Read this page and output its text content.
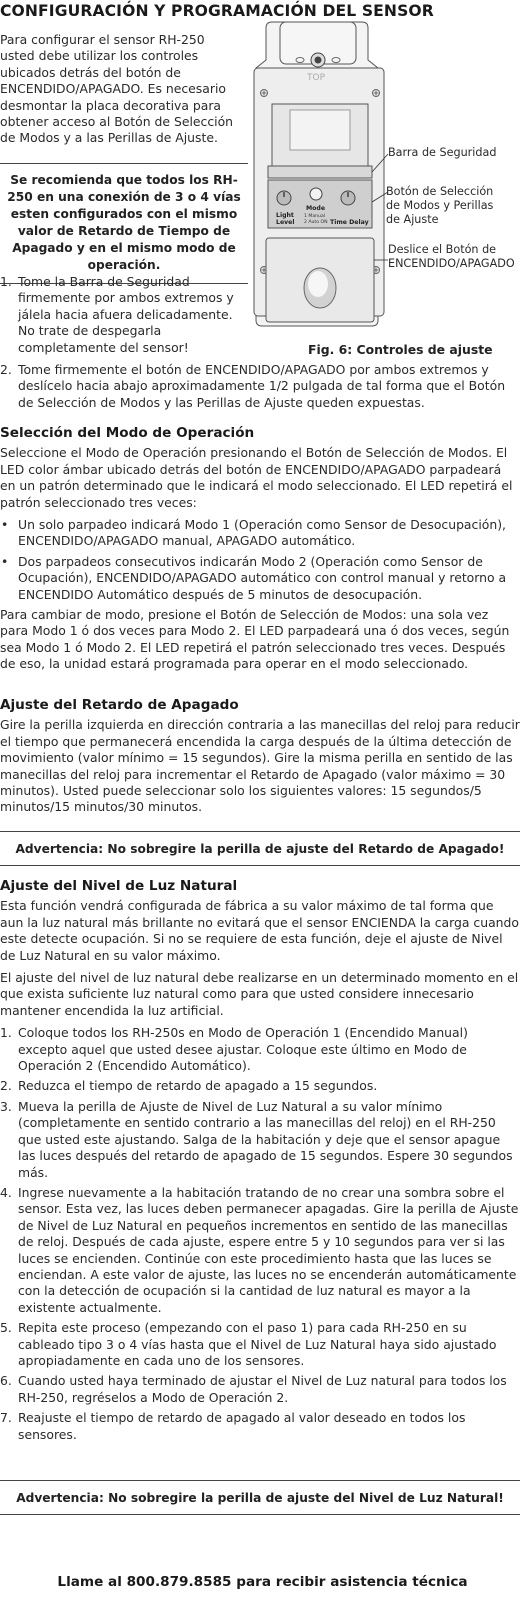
CONFIGURACIÓN Y PROGRAMACIÓN DEL SENSOR
Para configurar el sensor RH-250 usted debe utilizar los controles ubicados detrás del botón de ENCENDIDO/APAGADO. Es necesario desmontar la placa decorativa para obtener acceso al Botón de Selección de Modos y a las Perillas de Ajuste.
Se recomienda que todos los RH-250 en una conexión de 3 o 4 vías esten configurados con el mismo valor de Retardo de Tiempo de Apagado y en el mismo modo de operación.
1. Tome la Barra de Seguridad firmemente por ambos extremos y jálela hacia afuera delicadamente. No trate de despegarla completamente del sensor!
2. Tome firmemente el botón de ENCENDIDO/APAGADO por ambos extremos y deslícelo hacia abajo aproximadamente 1/2 pulgada de tal forma que el Botón de Selección de Modos y las Perillas de Ajuste queden expuestas.
TOP
Light
Level
Mode
1 Manual
2 Auto ON Time Delay
Barra de Seguridad
Botón de Selección
de Modos y Perillas
de Ajuste
Deslice el Botón de
ENCENDIDO/APAGADO
Fig. 6: Controles de ajuste
Selección del Modo de Operación

Seleccione el Modo de Operación presionando el Botón de Selección de Modos. El LED color ámbar ubicado detrás del botón de ENCENDIDO/APAGADO parpadeará en un patrón determinado que le indicará el modo seleccionado. El LED repetirá el patrón seleccionado tres veces:

• Un solo parpadeo indicará Modo 1 (Operación como Sensor de Desocupación), ENCENDIDO/APAGADO manual, APAGADO automático.
• Dos parpadeos consecutivos indicarán Modo 2 (Operación como Sensor de Ocupación), ENCENDIDO/APAGADO automático con control manual y retorno a ENCENDIDO Automático después de 5 minutos de desocupación.

Para cambiar de modo, presione el Botón de Selección de Modos: una sola vez para Modo 1 ó dos veces para Modo 2. El LED parpadeará una ó dos veces, según sea Modo 1 ó Modo 2. El LED repetirá el patrón seleccionado tres veces. Después de eso, la unidad estará programada para operar en el modo seleccionado.

Ajuste del Retardo de Apagado

Gire la perilla izquierda en dirección contraria a las manecillas del reloj para reducir el tiempo que permanecerá encendida la carga después de la última detección de movimiento (valor mínimo = 15 segundos). Gire la misma perilla en sentido de las manecillas del reloj para incrementar el Retardo de Apagado (valor máximo = 30 minutos). Usted puede seleccionar solo los siguientes valores: 15 segundos/5 minutos/15 minutos/30 minutos.

Advertencia: No sobregire la perilla de ajuste del Retardo de Apagado!
Ajuste del Nivel de Luz Natural

Esta función vendrá configurada de fábrica a su valor máximo de tal forma que aun la luz natural más brillante no evitará que el sensor ENCIENDA la carga cuando este detecte ocupación. Si no se requiere de esta función, deje el ajuste de Nivel de Luz Natural en su valor máximo.

El ajuste del nivel de luz natural debe realizarse en un determinado momento en el que exista suficiente luz natural como para que usted considere innecesario mantener encendida la luz artificial.

1. Coloque todos los RH-250s en Modo de Operación 1 (Encendido Manual) excepto aquel que usted desee ajustar. Coloque este último en Modo de Operación 2 (Encendido Automático).
2. Reduzca el tiempo de retardo de apagado a 15 segundos.
3. Mueva la perilla de Ajuste de Nivel de Luz Natural a su valor mínimo (completamente en sentido contrario a las manecillas del reloj) en el RH-250 que usted este ajustando. Salga de la habitación y deje que el sensor apague las luces después del retardo de apagado de 15 segundos. Espere 30 segundos más.
4. Ingrese nuevamente a la habitación tratando de no crear una sombra sobre el sensor. Esta vez, las luces deben permanecer apagadas. Gire la perilla de Ajuste de Nivel de Luz Natural en pequeños incrementos en sentido de las manecillas de reloj. Después de cada ajuste, espere entre 5 y 10 segundos para ver si las luces se encienden. Continúe con este procedimiento hasta que las luces se enciendan. A este valor de ajuste, las luces no se encenderán automáticamente con la detección de ocupación si la cantidad de luz natural es mayor a la existente actualmente.
5. Repita este proceso (empezando con el paso 1) para cada RH-250 en su cableado tipo 3 o 4 vías hasta que el Nivel de Luz Natural haya sido ajustado apropiadamente en cada uno de los sensores.
6. Cuando usted haya terminado de ajustar el Nivel de Luz natural para todos los RH-250, regréselos a Modo de Operación 2.
7. Reajuste el tiempo de retardo de apagado al valor deseado en todos los sensores.
Advertencia: No sobregire la perilla de ajuste del Nivel de Luz Natural!
Llame al 800.879.8585 para recibir asistencia técnica
